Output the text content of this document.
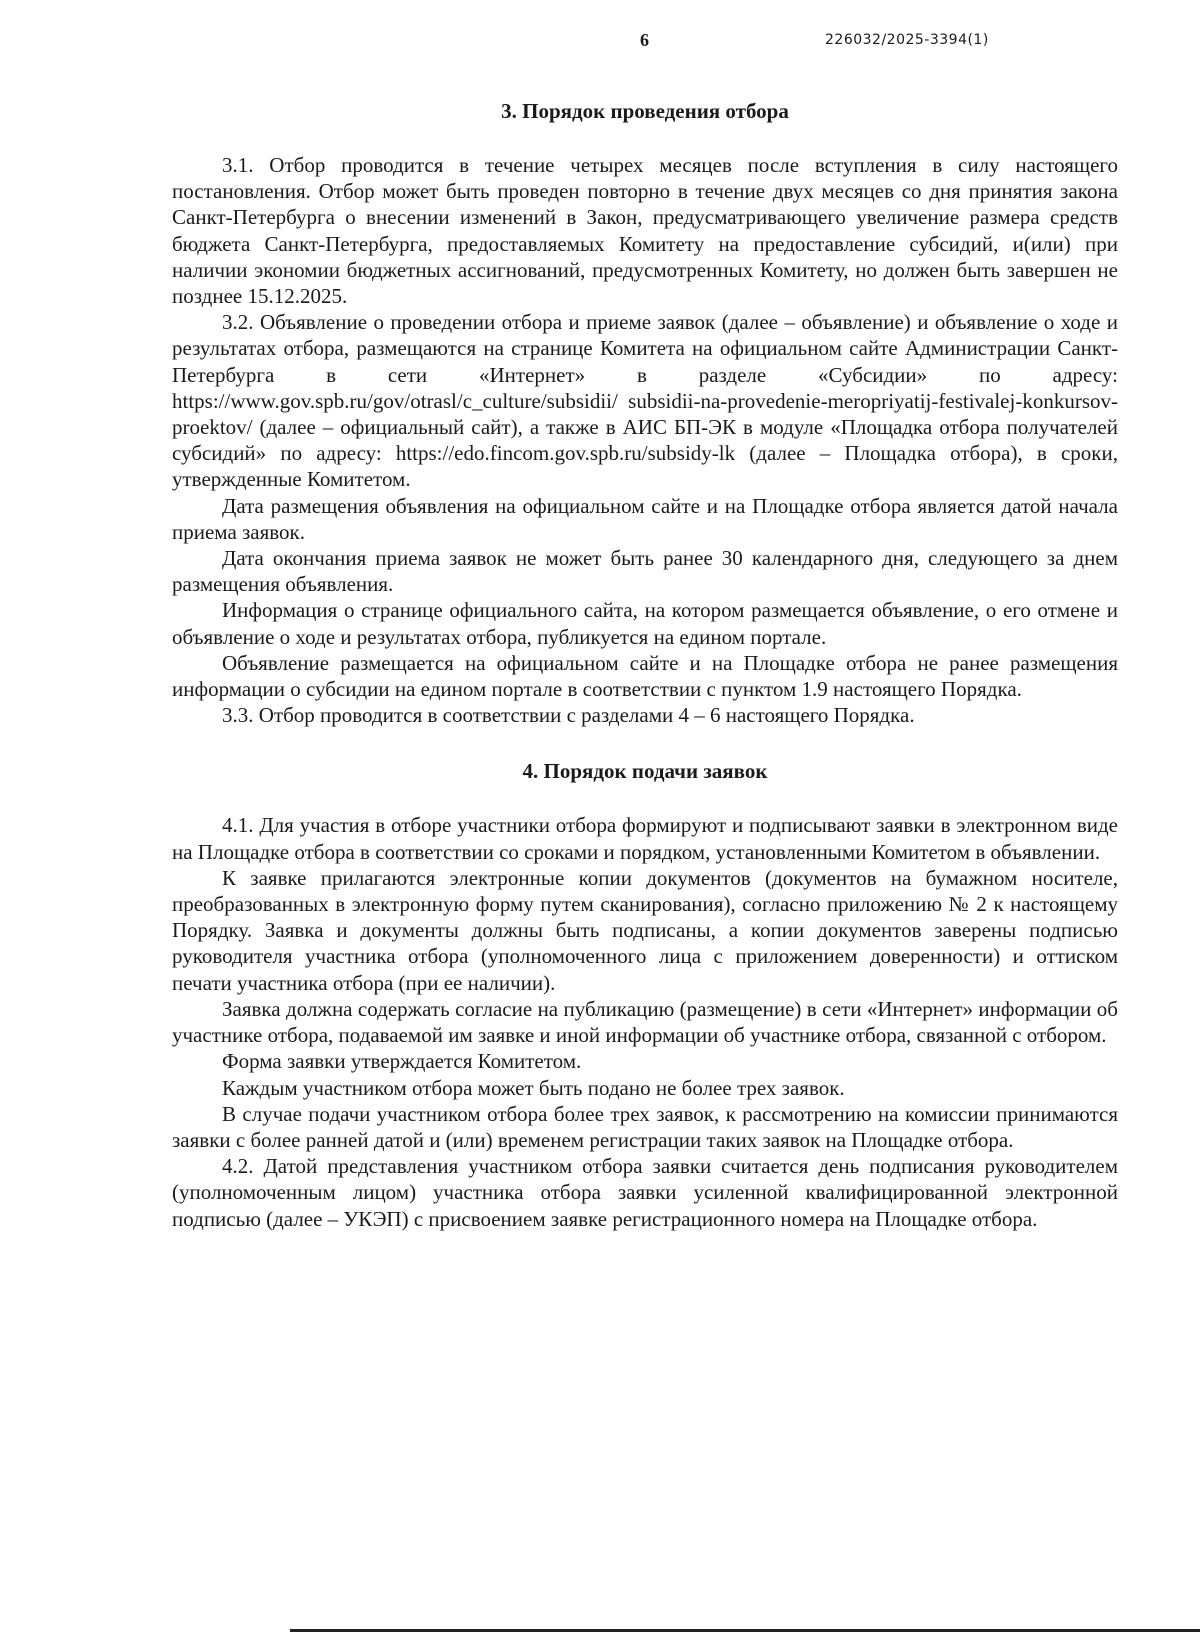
6	226032/2025-3394(1)
3. Порядок проведения отбора

3.1. Отбор проводится в течение четырех месяцев после вступления в силу настоящего постановления. Отбор может быть проведен повторно в течение двух месяцев со дня принятия закона Санкт-Петербурга о внесении изменений в Закон, предусматривающего увеличение размера средств бюджета Санкт-Петербурга, предоставляемых Комитету на предоставление субсидий, и(или) при наличии экономии бюджетных ассигнований, предусмотренных Комитету, но должен быть завершен не позднее 15.12.2025.

3.2. Объявление о проведении отбора и приеме заявок (далее – объявление) и объявление о ходе и результатах отбора, размещаются на странице Комитета на официальном сайте Администрации Санкт-Петербурга в сети «Интернет» в разделе «Субсидии» по адресу: https://www.gov.spb.ru/gov/otrasl/c_culture/subsidii/ subsidii-na-provedenie-meropriyatij-festivalej-konkursov-proektov/ (далее – официальный сайт), а также в АИС БП-ЭК в модуле «Площадка отбора получателей субсидий» по адресу: https://edo.fincom.gov.spb.ru/subsidy-lk (далее – Площадка отбора), в сроки, утвержденные Комитетом.

Дата размещения объявления на официальном сайте и на Площадке отбора является датой начала приема заявок.

Дата окончания приема заявок не может быть ранее 30 календарного дня, следующего за днем размещения объявления.

Информация о странице официального сайта, на котором размещается объявление, о его отмене и объявление о ходе и результатах отбора, публикуется на едином портале.

Объявление размещается на официальном сайте и на Площадке отбора не ранее размещения информации о субсидии на едином портале в соответствии с пунктом 1.9 настоящего Порядка.

3.3. Отбор проводится в соответствии с разделами 4 – 6 настоящего Порядка.

4. Порядок подачи заявок

4.1. Для участия в отборе участники отбора формируют и подписывают заявки в электронном виде на Площадке отбора в соответствии со сроками и порядком, установленными Комитетом в объявлении.

К заявке прилагаются электронные копии документов (документов на бумажном носителе, преобразованных в электронную форму путем сканирования), согласно приложению № 2 к настоящему Порядку. Заявка и документы должны быть подписаны, а копии документов заверены подписью руководителя участника отбора (уполномоченного лица с приложением доверенности) и оттиском печати участника отбора (при ее наличии).

Заявка должна содержать согласие на публикацию (размещение) в сети «Интернет» информации об участнике отбора, подаваемой им заявке и иной информации об участнике отбора, связанной с отбором.

Форма заявки утверждается Комитетом.

Каждым участником отбора может быть подано не более трех заявок.

В случае подачи участником отбора более трех заявок, к рассмотрению на комиссии принимаются заявки с более ранней датой и (или) временем регистрации таких заявок на Площадке отбора.

4.2. Датой представления участником отбора заявки считается день подписания руководителем (уполномоченным лицом) участника отбора заявки усиленной квалифицированной электронной подписью (далее – УКЭП) с присвоением заявке регистрационного номера на Площадке отбора.
